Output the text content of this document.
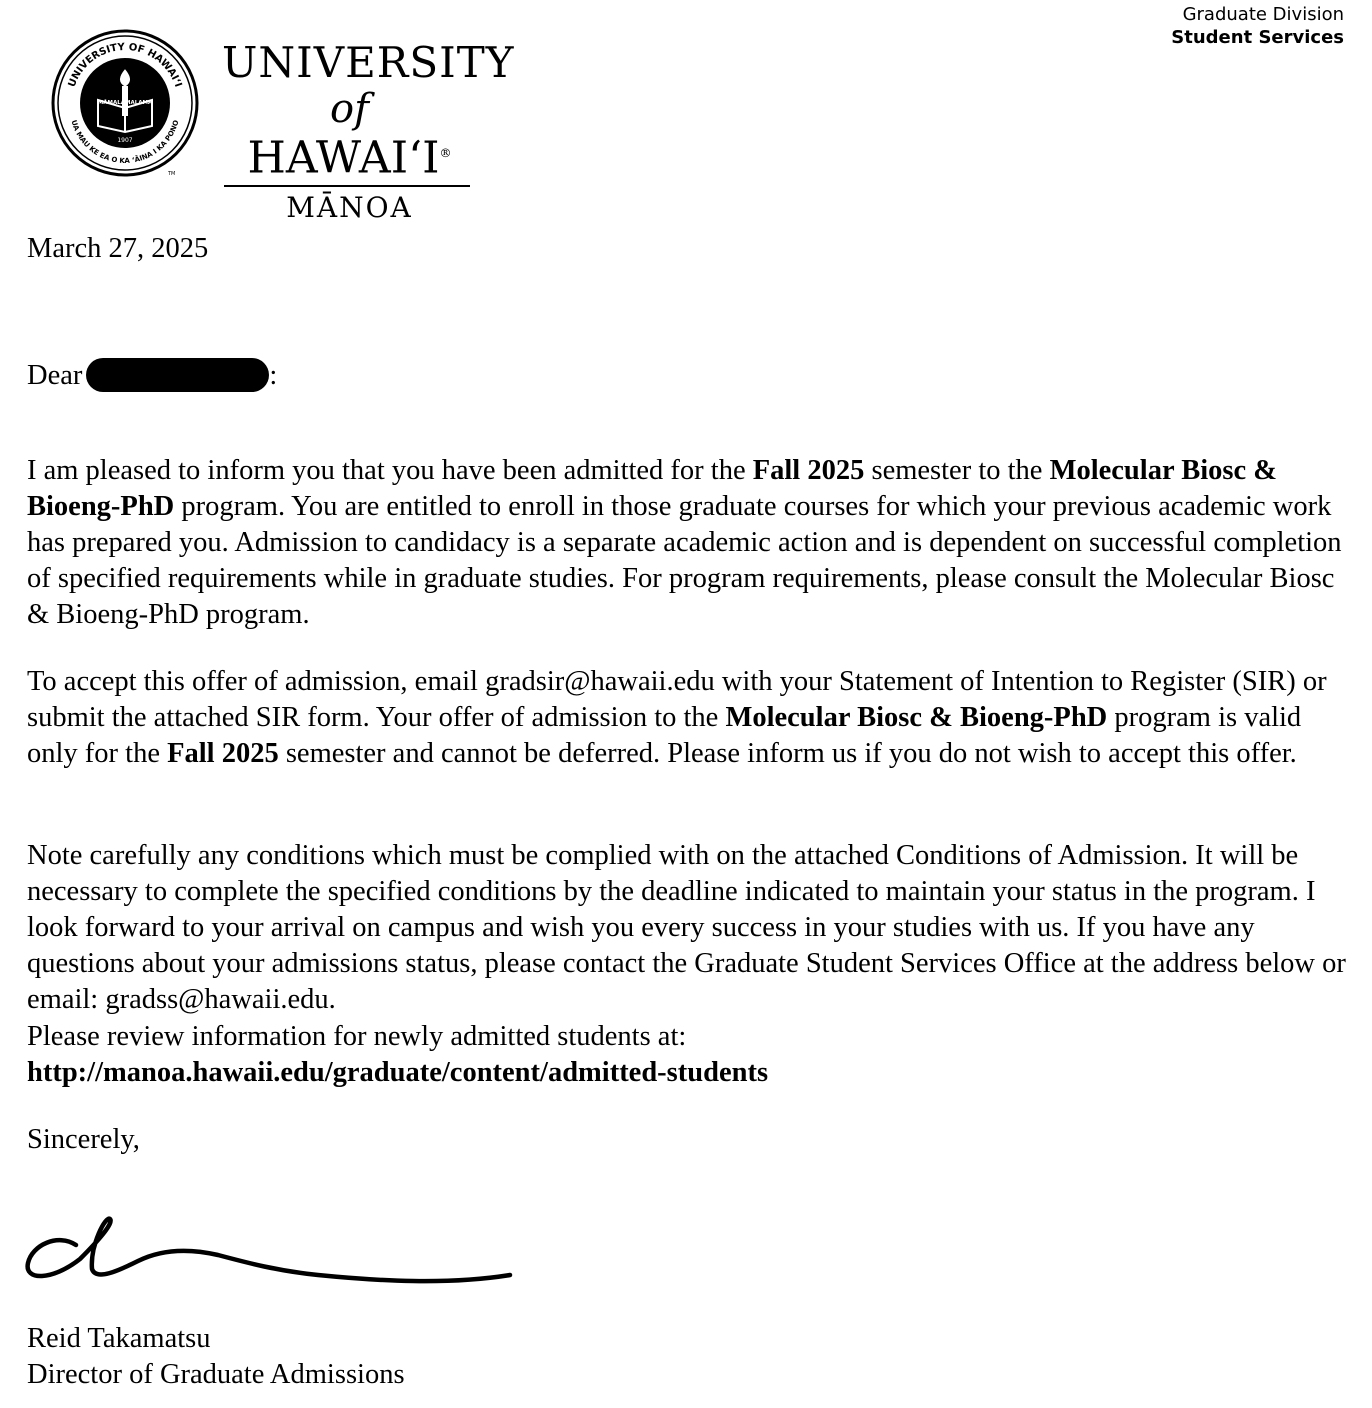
Graduate Division
Student Services
UNIVERSITY OF HAWAI‘I
UA MAU KE EA O KA ‘ĀINA I KA PONO
MĀMALAMALAMA
1907
TM
UNIVERSITY
of HAWAI‘I®
MĀNOA
March 27, 2025
Dear	:

I am pleased to inform you that you have been admitted for the Fall 2025 semester to the Molecular Biosc & Bioeng-PhD program. You are entitled to enroll in those graduate courses for which your previous academic work has prepared you. Admission to candidacy is a separate academic action and is dependent on successful completion of specified requirements while in graduate studies. For program requirements, please consult the Molecular Biosc & Bioeng-PhD program.

To accept this offer of admission, email gradsir@hawaii.edu with your Statement of Intention to Register (SIR) or submit the attached SIR form. Your offer of admission to the Molecular Biosc & Bioeng-PhD program is valid only for the Fall 2025 semester and cannot be deferred. Please inform us if you do not wish to accept this offer.

Note carefully any conditions which must be complied with on the attached Conditions of Admission. It will be necessary to complete the specified conditions by the deadline indicated to maintain your status in the program. I look forward to your arrival on campus and wish you every success in your studies with us. If you have any questions about your admissions status, please contact the Graduate Student Services Office at the address below or email: gradss@hawaii.edu.

Please review information for newly admitted students at:
http://manoa.hawaii.edu/graduate/content/admitted-students
Sincerely,
Reid Takamatsu
Director of Graduate Admissions
